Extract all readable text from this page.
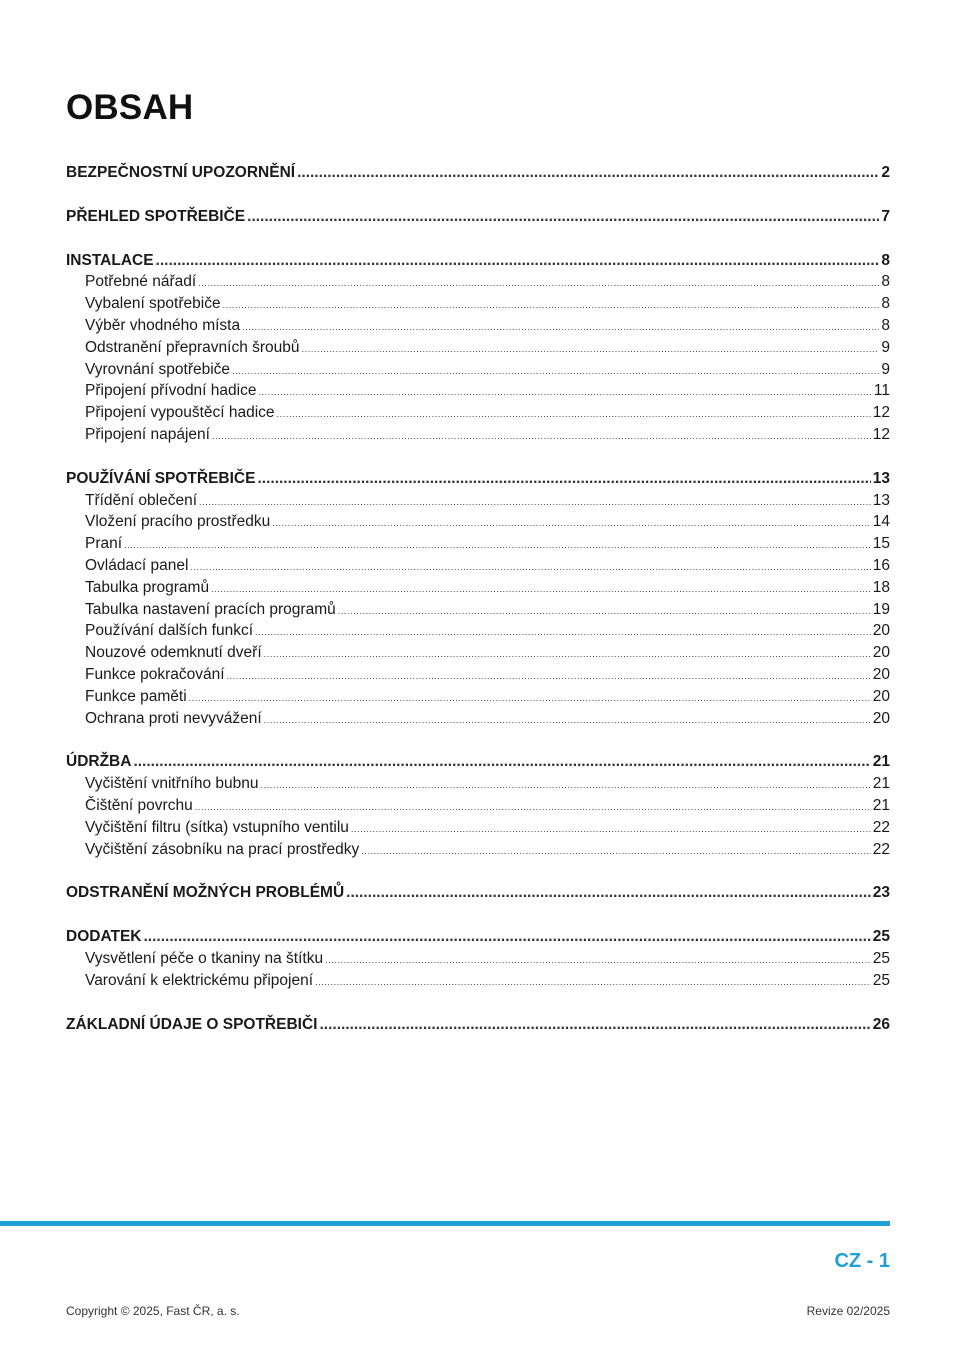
OBSAH
BEZPEČNOSTNÍ UPOZORNĚNÍ .....	2
PŘEHLED SPOTŘEBIČE .....	7
INSTALACE .....	8
Potřebné nářadí .....	8
Vybalení spotřebiče .....	8
Výběr vhodného místa .....	8
Odstranění přepravních šroubů .....	9
Vyrovnání spotřebiče .....	9
Připojení přívodní hadice .....	11
Připojení vypouštěcí hadice .....	12
Připojení napájení .....	12
POUŽÍVÁNÍ SPOTŘEBIČE .....	13
Třídění oblečení .....	13
Vložení pracího prostředku .....	14
Praní .....	15
Ovládací panel .....	16
Tabulka programů .....	18
Tabulka nastavení pracích programů .....	19
Používání dalších funkcí .....	20
Nouzové odemknutí dveří .....	20
Funkce pokračování .....	20
Funkce paměti .....	20
Ochrana proti nevyvážení .....	20
ÚDRŽBA .....	21
Vyčištění vnitřního bubnu .....	21
Čištění povrchu .....	21
Vyčištění filtru (sítka) vstupního ventilu .....	22
Vyčištění zásobníku na prací prostředky .....	22
ODSTRANĚNÍ MOŽNÝCH PROBLÉMŮ .....	23
DODATEK .....	25
Vysvětlení péče o tkaniny na štítku .....	25
Varování k elektrickému připojení .....	25
ZÁKLADNÍ ÚDAJE O SPOTŘEBIČI .....	26
CZ - 1
Copyright © 2025, Fast ČR, a. s.	Revize 02/2025
